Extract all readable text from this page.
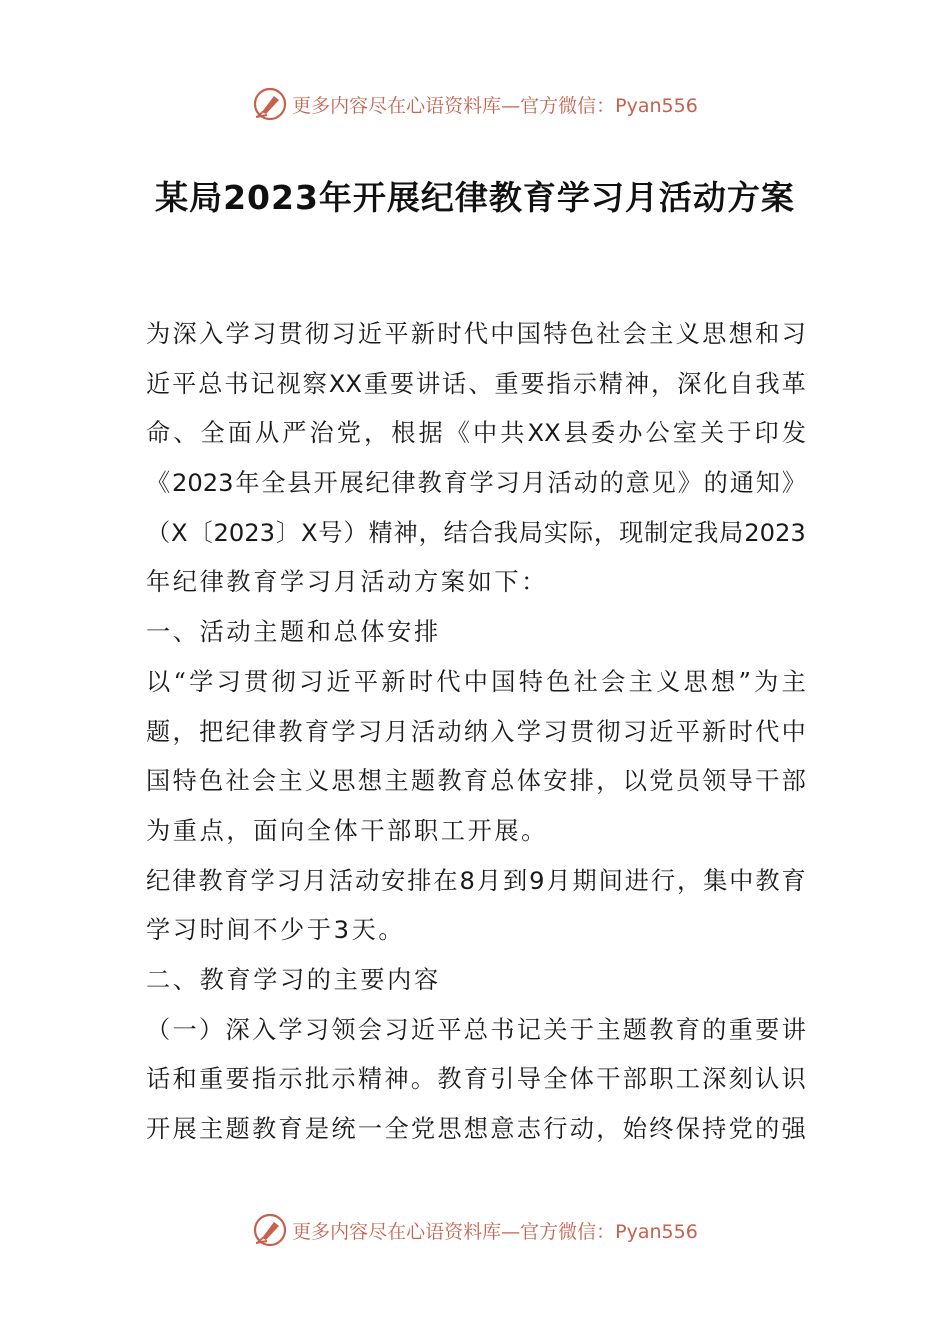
更多内容尽在心语资料库—官方微信：Pyan556
某局2023年开展纪律教育学习月活动方案
为 深 入 学 习 贯 彻 习 近 平 新 时 代 中 国 特 色 社 会 主 义 思 想 和 习
近 平 总 书 记 视 察 XX 重 要 讲 话 、 重 要 指 示 精 神 ， 深 化 自 我 革
命 、 全 面 从 严 治 党 ， 根 据 《 中 共 XX 县 委 办 公 室 关 于 印 发
《 2023 年 全 县 开 展 纪 律 教 育 学 习 月 活 动 的 意 见 》 的 通 知 》
（ X 〔 2023 〕 X 号 ） 精 神 ， 结 合 我 局 实 际 ， 现 制 定 我 局 2023
年 纪 律 教 育 学 习 月 活 动 方 案 如 下 ：
一 、 活 动 主 题 和 总 体 安 排
以 “ 学 习 贯 彻 习 近 平 新 时 代 中 国 特 色 社 会 主 义 思 想 ” 为 主
题 ， 把 纪 律 教 育 学 习 月 活 动 纳 入 学 习 贯 彻 习 近 平 新 时 代 中
国 特 色 社 会 主 义 思 想 主 题 教 育 总 体 安 排 ， 以 党 员 领 导 干 部
为 重 点 ， 面 向 全 体 干 部 职 工 开 展 。
纪 律 教 育 学 习 月 活 动 安 排 在 8 月 到 9 月 期 间 进 行 ， 集 中 教 育
学 习 时 间 不 少 于 3 天 。
二 、 教 育 学 习 的 主 要 内 容
（ 一 ） 深 入 学 习 领 会 习 近 平 总 书 记 关 于 主 题 教 育 的 重 要 讲
话 和 重 要 指 示 批 示 精 神 。 教 育 引 导 全 体 干 部 职 工 深 刻 认 识
开 展 主 题 教 育 是 统 一 全 党 思 想 意 志 行 动 ， 始 终 保 持 党 的 强
更多内容尽在心语资料库—官方微信：Pyan556
